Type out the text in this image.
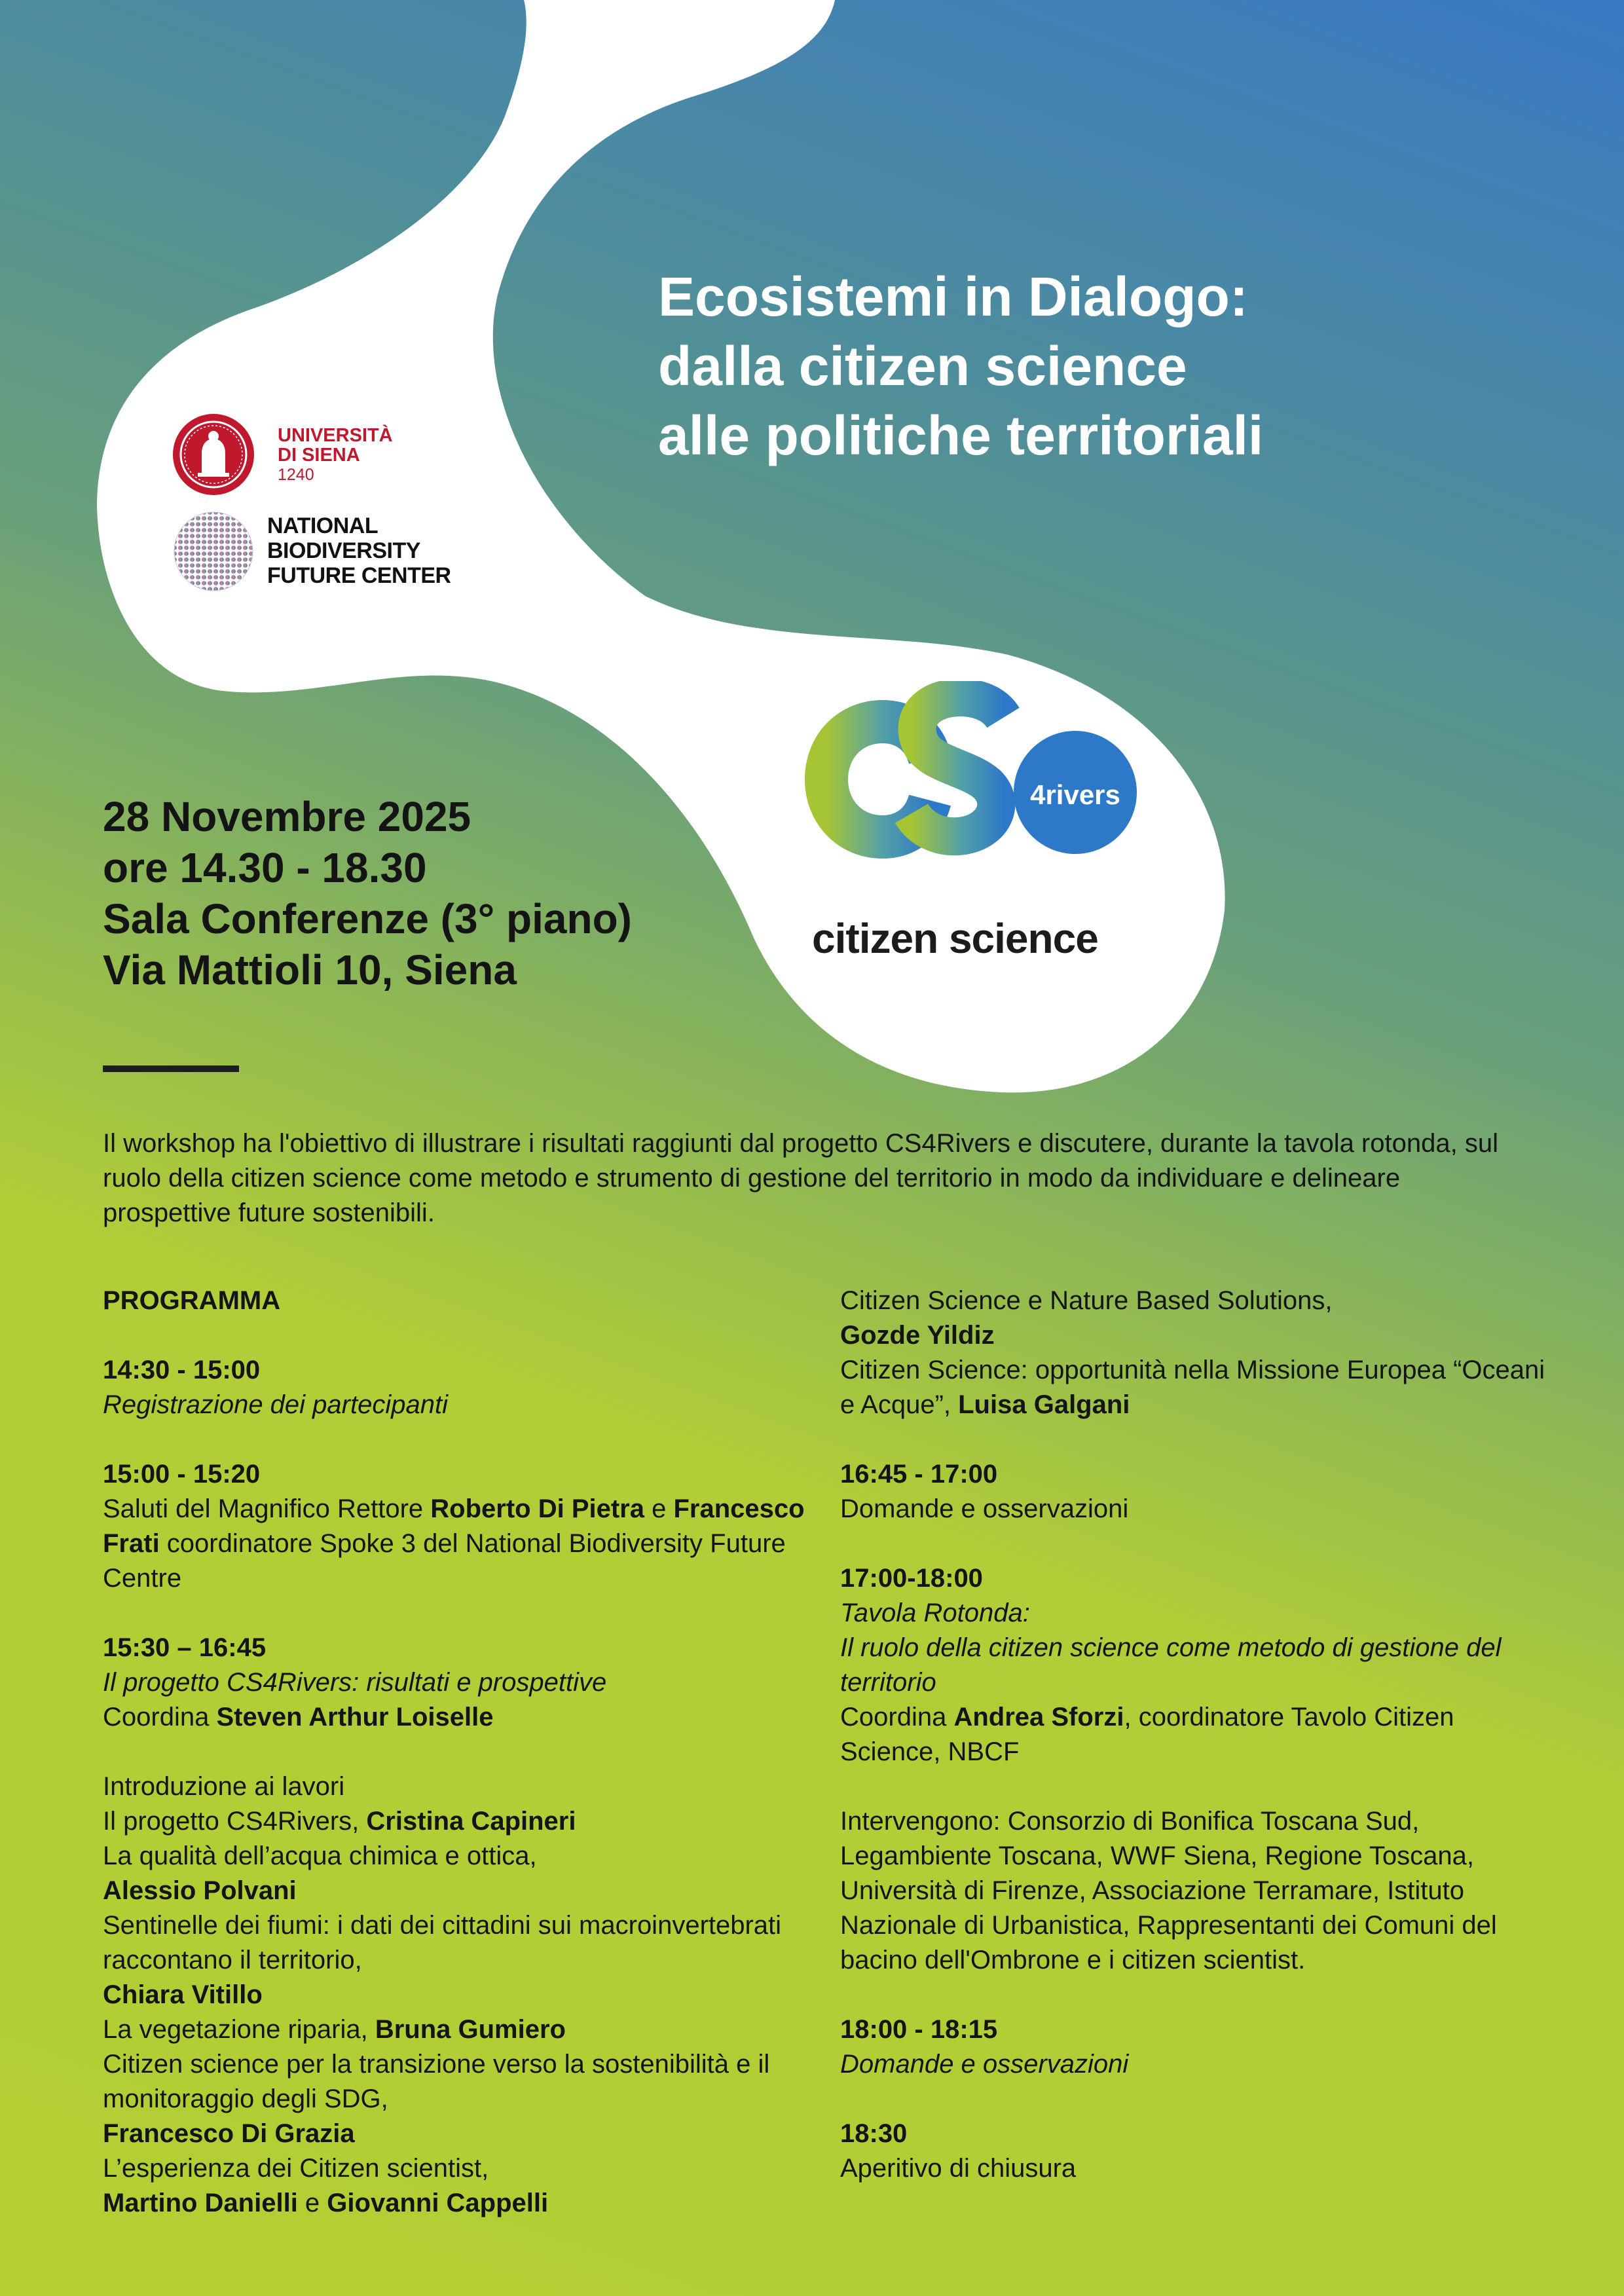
Ecosistemi in Dialogo:
dalla citizen science
alle politiche territoriali
UNIVERSITÀ
DI SIENA
1240
NATIONAL
BIODIVERSITY
FUTURE CENTER
4rivers
citizen science
28 Novembre 2025
ore 14.30 - 18.30
Sala Conferenze (3° piano)
Via Mattioli 10, Siena
Il workshop ha l'obiettivo di illustrare i risultati raggiunti dal progetto CS4Rivers e discutere, durante la tavola rotonda, sul ruolo della citizen science come metodo e strumento di gestione del territorio in modo da individuare e delineare prospettive future sostenibili.

PROGRAMMA

14:30 - 15:00
Registrazione dei partecipanti

15:00 - 15:20
Saluti del Magnifico Rettore Roberto Di Pietra e Francesco Frati coordinatore Spoke 3 del National Biodiversity Future Centre

15:30 – 16:45
Il progetto CS4Rivers: risultati e prospettive
Coordina Steven Arthur Loiselle

Introduzione ai lavori
Il progetto CS4Rivers, Cristina Capineri
La qualità dell’acqua chimica e ottica,
Alessio Polvani
Sentinelle dei fiumi: i dati dei cittadini sui macroinvertebrati raccontano il territorio,
Chiara Vitillo
La vegetazione riparia, Bruna Gumiero
Citizen science per la transizione verso la sostenibilità e il monitoraggio degli SDG,
Francesco Di Grazia
L’esperienza dei Citizen scientist,
Martino Danielli e Giovanni Cappelli

Citizen Science e Nature Based Solutions,
Gozde Yildiz
Citizen Science: opportunità nella Missione Europea “Oceani e Acque”, Luisa Galgani

16:45 - 17:00
Domande e osservazioni

17:00-18:00
Tavola Rotonda:
Il ruolo della citizen science come metodo di gestione del territorio
Coordina Andrea Sforzi, coordinatore Tavolo Citizen Science, NBCF

Intervengono: Consorzio di Bonifica Toscana Sud, Legambiente Toscana, WWF Siena, Regione Toscana, Università di Firenze, Associazione Terramare, Istituto Nazionale di Urbanistica, Rappresentanti dei Comuni del bacino dell'Ombrone e i citizen scientist.

18:00 - 18:15
Domande e osservazioni

18:30
Aperitivo di chiusura
